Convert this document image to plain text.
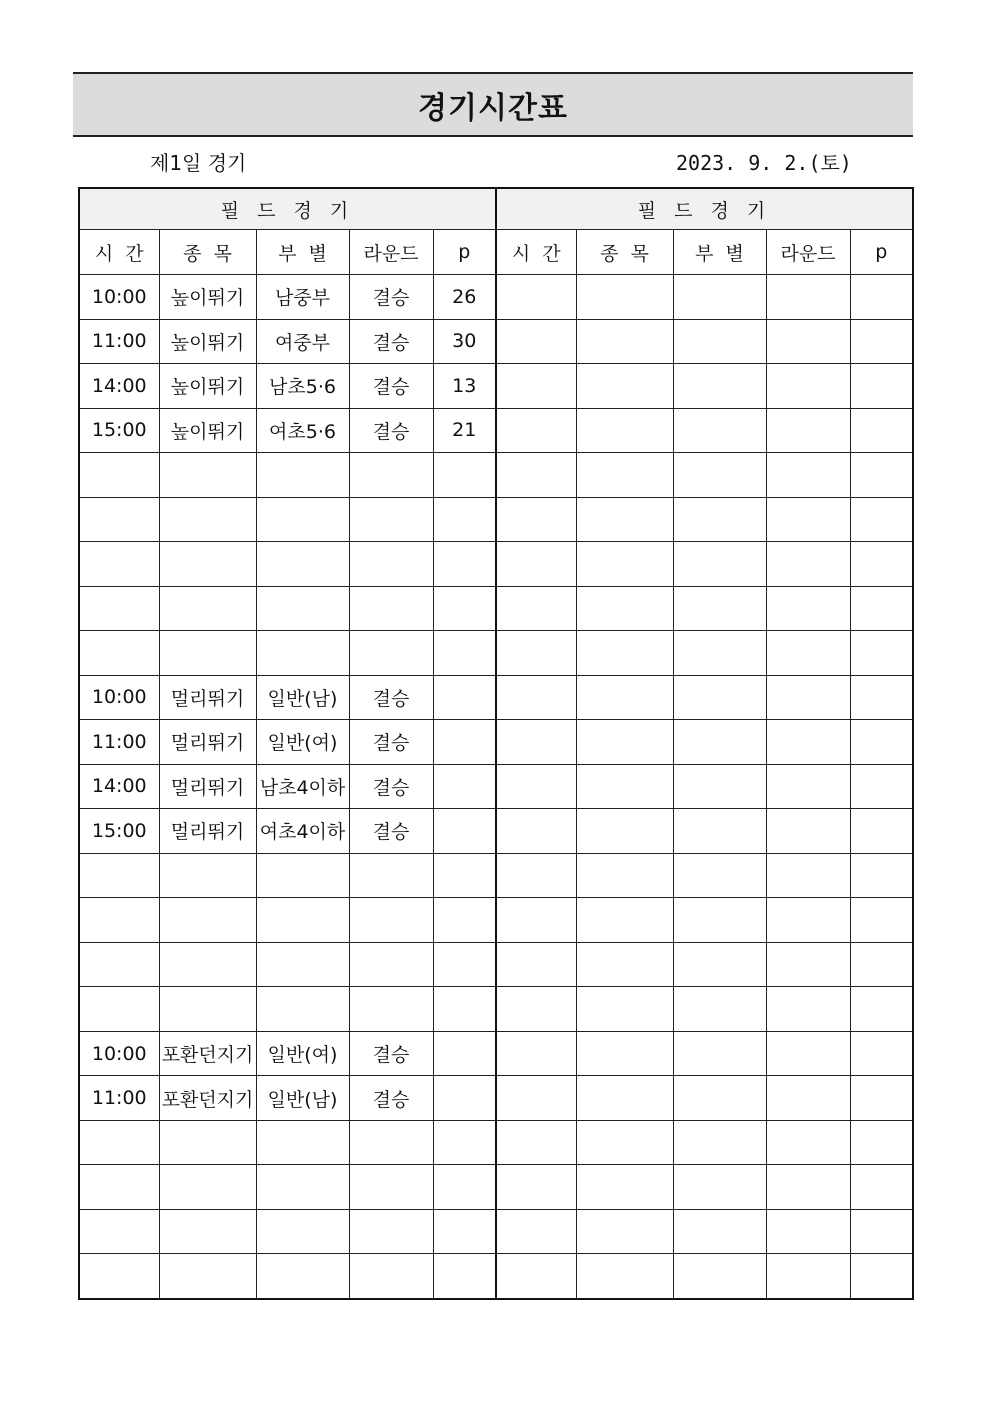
경기시간표
제1일 경기	2023. 9. 2.(토)
필 드 경 기					필 드 경 기				
시  간	종  목	부  별	라운드	p	시  간	종  목	부  별	라운드	p
10:00	높이뛰기	남중부	결승	26					
11:00	높이뛰기	여중부	결승	30					
14:00	높이뛰기	남초5·6	결승	13					
15:00	높이뛰기	여초5·6	결승	21					

10:00	멀리뛰기	일반(남)	결승						
11:00	멀리뛰기	일반(여)	결승						
14:00	멀리뛰기	남초4이하	결승						
15:00	멀리뛰기	여초4이하	결승						

10:00	포환던지기	일반(여)	결승						
11:00	포환던지기	일반(남)	결승						
